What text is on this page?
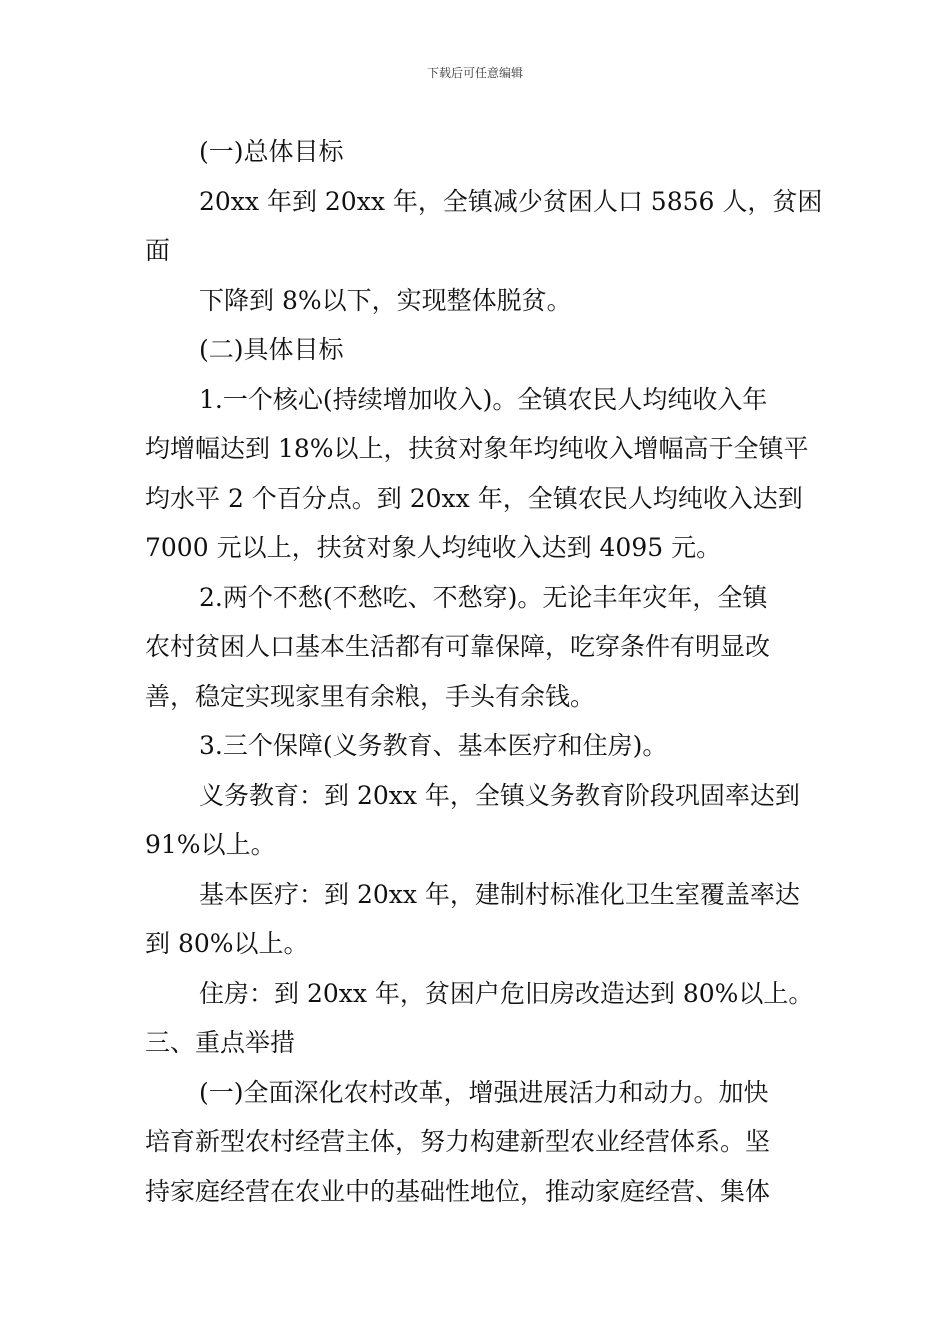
下载后可任意编辑
(一)总体目标
20xx 年到 20xx 年，全镇减少贫困人口 5856 人，贫困
面
下降到 8%以下，实现整体脱贫。
(二)具体目标
1.一个核心(持续增加收入)。全镇农民人均纯收入年
均增幅达到 18%以上，扶贫对象年均纯收入增幅高于全镇平
均水平 2 个百分点。到 20xx 年，全镇农民人均纯收入达到
7000 元以上，扶贫对象人均纯收入达到 4095 元。
2.两个不愁(不愁吃、不愁穿)。无论丰年灾年，全镇
农村贫困人口基本生活都有可靠保障，吃穿条件有明显改
善，稳定实现家里有余粮，手头有余钱。
3.三个保障(义务教育、基本医疗和住房)。
义务教育：到 20xx 年，全镇义务教育阶段巩固率达到
91%以上。
基本医疗：到 20xx 年，建制村标准化卫生室覆盖率达
到 80%以上。
住房：到 20xx 年，贫困户危旧房改造达到 80%以上。
三、重点举措
(一)全面深化农村改革，增强进展活力和动力。加快
培育新型农村经营主体，努力构建新型农业经营体系。坚
持家庭经营在农业中的基础性地位，推动家庭经营、集体
